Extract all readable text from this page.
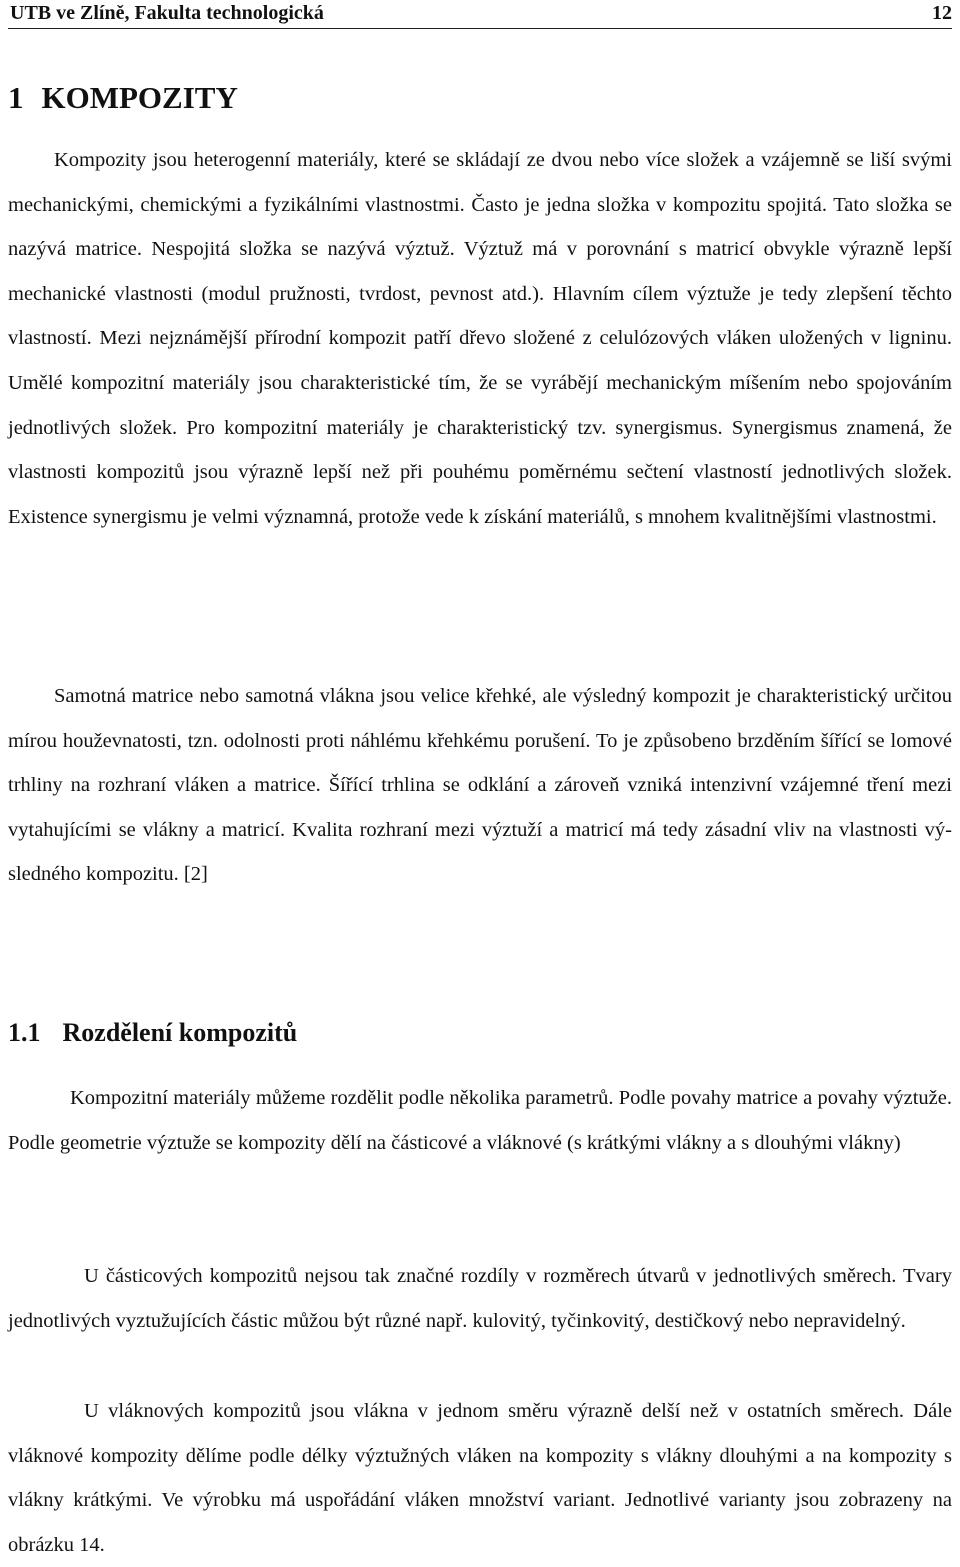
UTB ve Zlíně, Fakulta technologická	12
1 KOMPOZITY

Kompozity jsou heterogenní materiály, které se skládají ze dvou nebo více složek a vzájemně se liší svými mechanickými, chemickými a fyzikálními vlastnostmi. Často je jedna složka v kompozitu spojitá. Tato složka se nazývá matrice. Nespojitá složka se nazývá výztuž. Výztuž má v porovnání s matricí obvykle výrazně lepší mechanické vlastnosti (modul pružnosti, tvrdost, pevnost atd.). Hlavním cílem výztuže je tedy zlepšení těchto vlastností. Mezi nejznámější přírodní kompozit patří dřevo složené z celulózových vláken uložených v ligninu. Umělé kompozitní materiály jsou charakteristické tím, že se vyrábějí mechanickým míšením nebo spojováním jednotlivých složek. Pro kompozitní materiály je charakteristický tzv. synergismus. Synergismus znamená, že vlastnosti kompozitů jsou výrazně lepší než při pouhému poměrnému sečtení vlastností jednotlivých složek. Existence synergismu je velmi významná, protože vede k získání materiálů, s mnohem kvalitnějšími vlastnostmi.

Samotná matrice nebo samotná vlákna jsou velice křehké, ale výsledný kompozit je charakteristický určitou mírou houževnatosti, tzn. odolnosti proti náhlému křehkému porušení. To je způsobeno brzděním šířící se lomové trhliny na rozhraní vláken a matrice. Šířící trhlina se odklání a zároveň vzniká intenzivní vzájemné tření mezi vytahujícími se vlákny a matricí. Kvalita rozhraní mezi výztuží a matricí má tedy zásadní vliv na vlastnosti výsledného kompozitu. [2]

1.1 Rozdělení kompozitů

Kompozitní materiály můžeme rozdělit podle několika parametrů. Podle povahy matrice a povahy výztuže. Podle geometrie výztuže se kompozity dělí na částicové a vláknové (s krátkými vlákny a s dlouhými vlákny)

U částicových kompozitů nejsou tak značné rozdíly v rozměrech útvarů v jednotlivých směrech. Tvary jednotlivých vyztužujících částic můžou být různé např. kulovitý, tyčinkovitý, destičkový nebo nepravidelný.

U vláknových kompozitů jsou vlákna v jednom směru výrazně delší než v ostatních směrech. Dále vláknové kompozity dělíme podle délky výztužných vláken na kompozity s vlákny dlouhými a na kompozity s vlákny krátkými. Ve výrobku má uspořádání vláken množství variant. Jednotlivé varianty jsou zobrazeny na obrázku 14.
